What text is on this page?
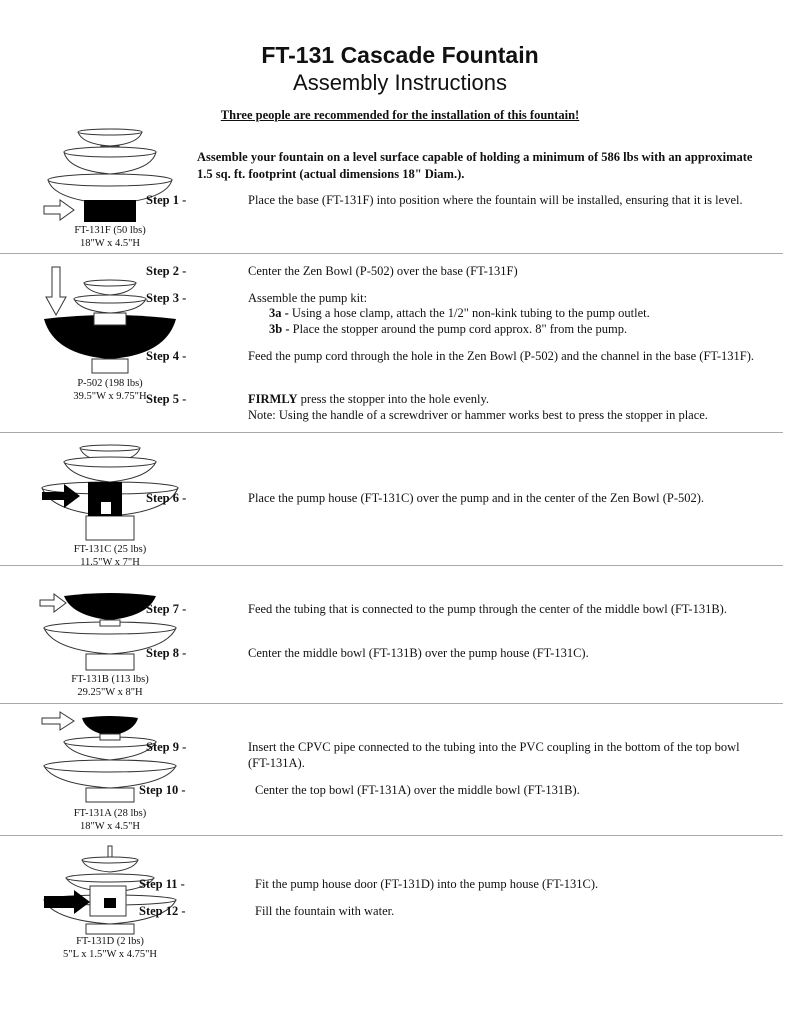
FT-131 Cascade Fountain
Assembly Instructions
Three people are recommended for the installation of this fountain!
Assemble your fountain on a level surface capable of holding a minimum of 586 lbs with an approximate 1.5 sq. ft. footprint (actual dimensions 18" Diam.).
FT-131F (50 lbs)
18"W x 4.5"H
Step 1 -	Place the base (FT-131F) into position where the fountain will be installed, ensuring that it is level.
P-502 (198 lbs)
39.5"W x 9.75"H
Step 2 -	Center the Zen Bowl (P-502) over the base (FT-131F)
Step 3 -	Assemble the pump kit:
3a - Using a hose clamp, attach the 1/2" non-kink tubing to the pump outlet.
3b - Place the stopper around the pump cord approx. 8" from the pump.
Step 4 -	Feed the pump cord through the hole in the Zen Bowl (P-502) and the channel in the base (FT-131F).
Step 5 -	FIRMLY press the stopper into the hole evenly.
Note: Using the handle of a screwdriver or hammer works best to press the stopper in place.
FT-131C (25 lbs)
11.5"W x 7"H
Step 6 -	Place the pump house (FT-131C) over the pump and in the center of the Zen Bowl (P-502).
FT-131B (113 lbs)
29.25"W x 8"H
Step 7 -	Feed the tubing that is connected to the pump through the center of the middle bowl (FT-131B).
Step 8 -	Center the middle bowl (FT-131B) over the pump house (FT-131C).
FT-131A (28 lbs)
18"W x 4.5"H
Step 9 -	Insert the CPVC pipe connected to the tubing into the PVC coupling in the bottom of the top bowl (FT-131A).
Step 10 -	Center the top bowl (FT-131A) over the middle bowl (FT-131B).
FT-131D (2 lbs)
5"L x 1.5"W x 4.75"H
Step 11 -	Fit the pump house door (FT-131D) into the pump house (FT-131C).
Step 12 -	Fill the fountain with water.
